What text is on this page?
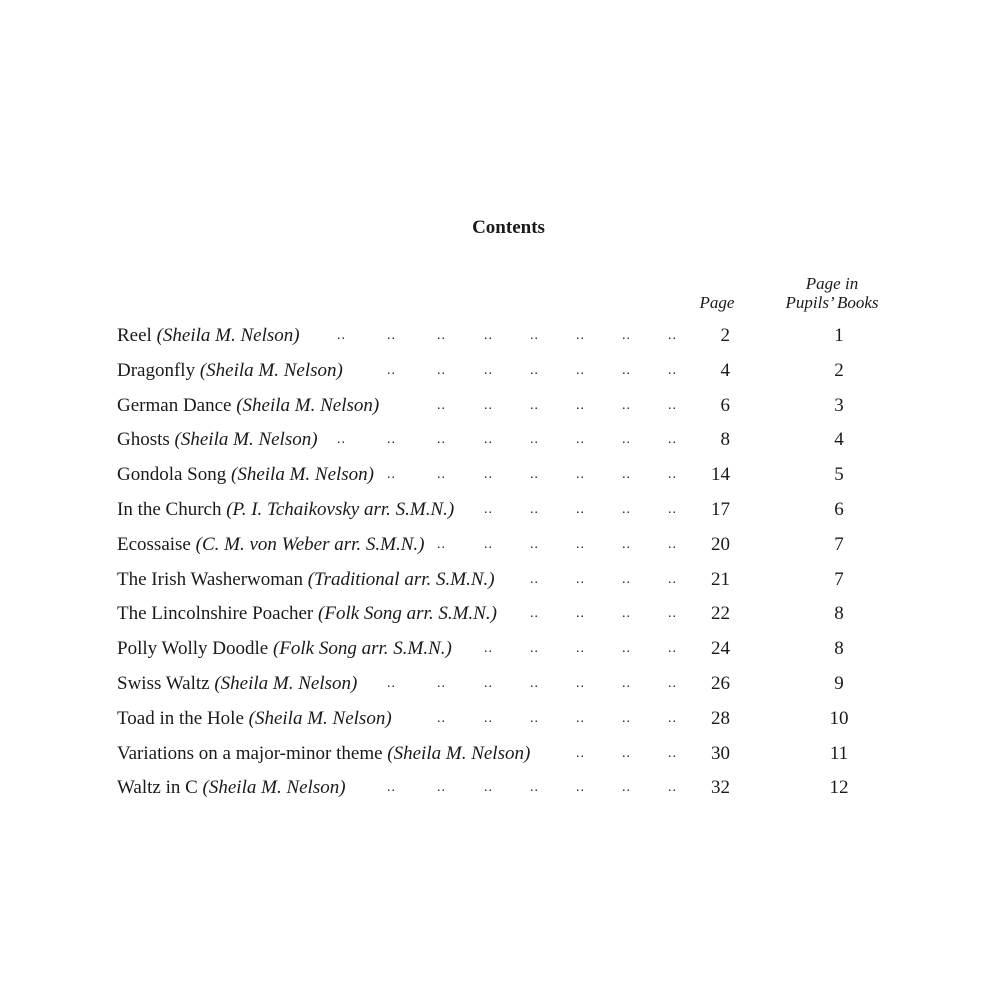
Contents
Page
Page in
Pupils’ Books
..	..	..	..	..	..	..	..
Reel (Sheila M. Nelson)	2	1
..	..	..	..	..	..	..
Dragonfly (Sheila M. Nelson)	4	2
..	..	..	..	..	..
German Dance (Sheila M. Nelson)	6	3
..	..	..	..	..	..	..	..
Ghosts (Sheila M. Nelson)	8	4
..	..	..	..	..	..	..
Gondola Song (Sheila M. Nelson)	14	5
..	..	..	..	..
In the Church (P. I. Tchaikovsky arr. S.M.N.)	17	6
..	..	..	..	..	..
Ecossaise (C. M. von Weber arr. S.M.N.)	20	7
..	..	..	..
The Irish Washerwoman (Traditional arr. S.M.N.)	21	7
..	..	..	..
The Lincolnshire Poacher (Folk Song arr. S.M.N.)	22	8
..	..	..	..	..
Polly Wolly Doodle (Folk Song arr. S.M.N.)	24	8
..	..	..	..	..	..	..
Swiss Waltz (Sheila M. Nelson)	26	9
..	..	..	..	..	..
Toad in the Hole (Sheila M. Nelson)	28	10
..	..	..
Variations on a major-minor theme (Sheila M. Nelson)	30	11
..	..	..	..	..	..	..
Waltz in C (Sheila M. Nelson)	32	12
